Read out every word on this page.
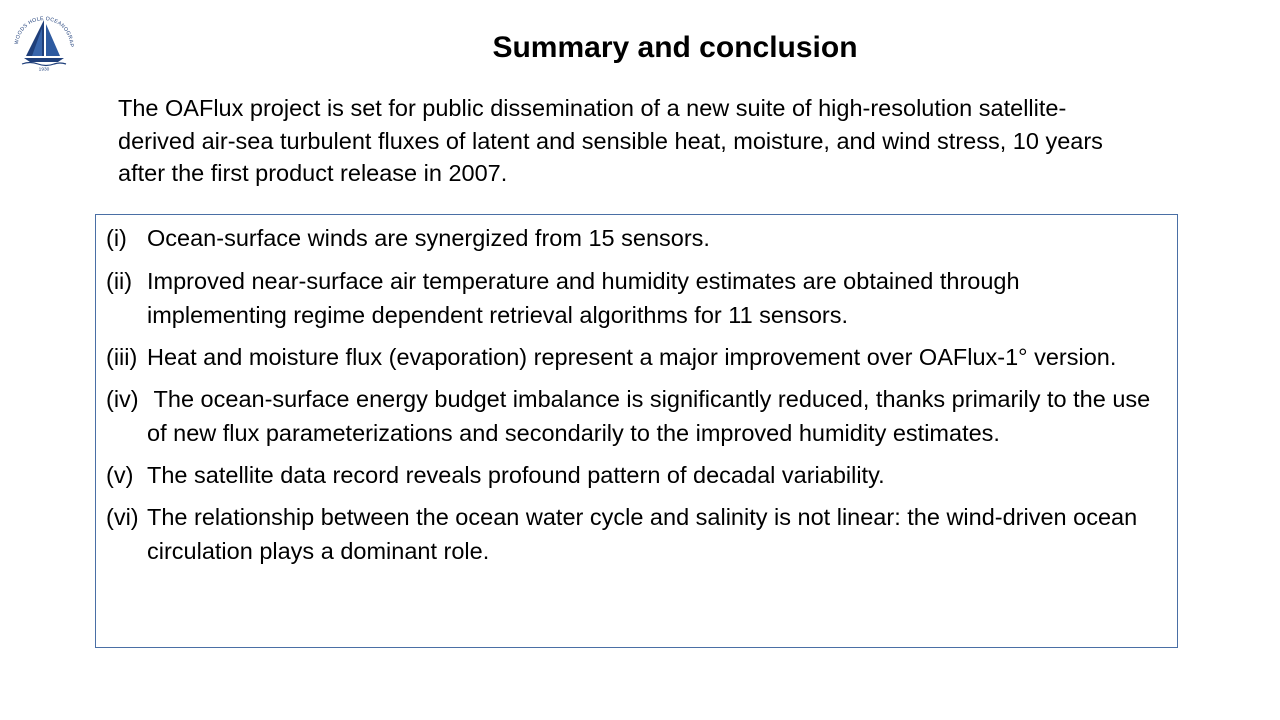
WOODS HOLE OCEANOGRAP
1930
Summary and conclusion
The OAFlux project is set for public dissemination of a new suite of high-resolution satellite-derived air-sea turbulent fluxes of latent and sensible heat, moisture, and wind stress, 10 years after the first product release in 2007.
(i) Ocean-surface winds are synergized from 15 sensors.
(ii) Improved near-surface air temperature and humidity estimates are obtained through implementing regime dependent retrieval algorithms for 11 sensors.
(iii) Heat and moisture flux (evaporation) represent a major improvement over OAFlux-1° version.
(iv) The ocean-surface energy budget imbalance is significantly reduced, thanks primarily to the use of new flux parameterizations and secondarily to the improved humidity estimates.
(v) The satellite data record reveals profound pattern of decadal variability.
(vi) The relationship between the ocean water cycle and salinity is not linear: the wind-driven ocean circulation plays a dominant role.
